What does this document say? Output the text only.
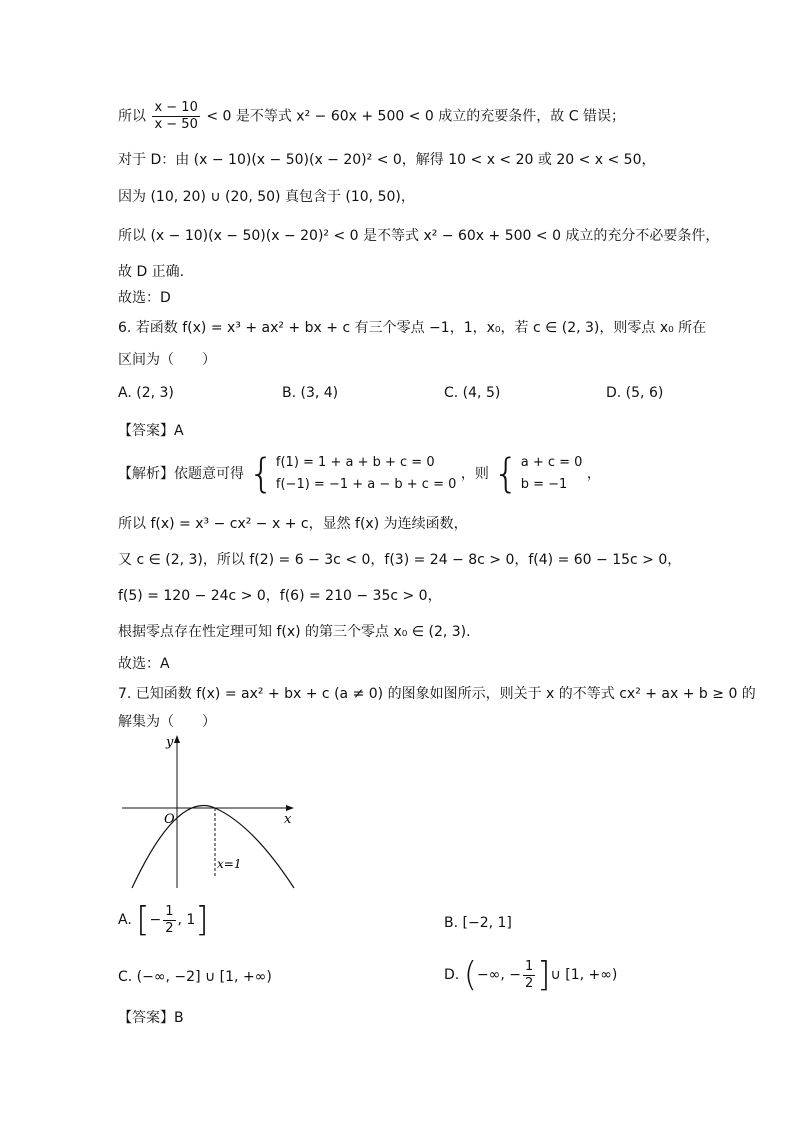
所以 $\frac{x - 10}{x - 50} < 0$ 是不等式 x² − 60x + 500 < 0 成立的充要条件，故 C 错误；
对于 D：由 (x − 10)(x − 50)(x − 20)² < 0，解得 10 < x < 20 或 20 < x < 50，
因为 (10, 20) ∪ (20, 50) 真包含于 (10, 50)，
所以 (x − 10)(x − 50)(x − 20)² < 0 是不等式 x² − 60x + 500 < 0 成立的充分不必要条件，
故 D 正确.
故选：D
6. 若函数 f(x) = x³ + ax² + bx + c 有三个零点 −1，1，x₀，若 c ∈ (2, 3)，则零点 x₀ 所在
区间为（　　）
A. (2, 3)	B. (3, 4)	C. (4, 5)	D. (5, 6)
【答案】A
【解析】依题意可得 { f(1) = 1 + a + b + c = 0
f(−1) = −1 + a − b + c = 0
，则 { a + c = 0
b = −1
，
所以 f(x) = x³ − cx² − x + c，显然 f(x) 为连续函数，
又 c ∈ (2, 3)，所以 f(2) = 6 − 3c < 0，f(3) = 24 − 8c > 0，f(4) = 60 − 15c > 0，
f(5) = 120 − 24c > 0，f(6) = 210 − 35c > 0，
根据零点存在性定理可知 f(x) 的第三个零点 x₀ ∈ (2, 3).
故选：A
7. 已知函数 f(x) = ax² + bx + c (a ≠ 0) 的图象如图所示，则关于 x 的不等式 cx² + ax + b ≥ 0 的
解集为（　　）
y
x
O
x=1
A. [− $\frac{1}{2}$ , 1]	B. [−2, 1]
C. (−∞, −2] ∪ [1, +∞)	D. (−∞, − $\frac{1}{2}$ ]∪ [1, +∞)
【答案】B
